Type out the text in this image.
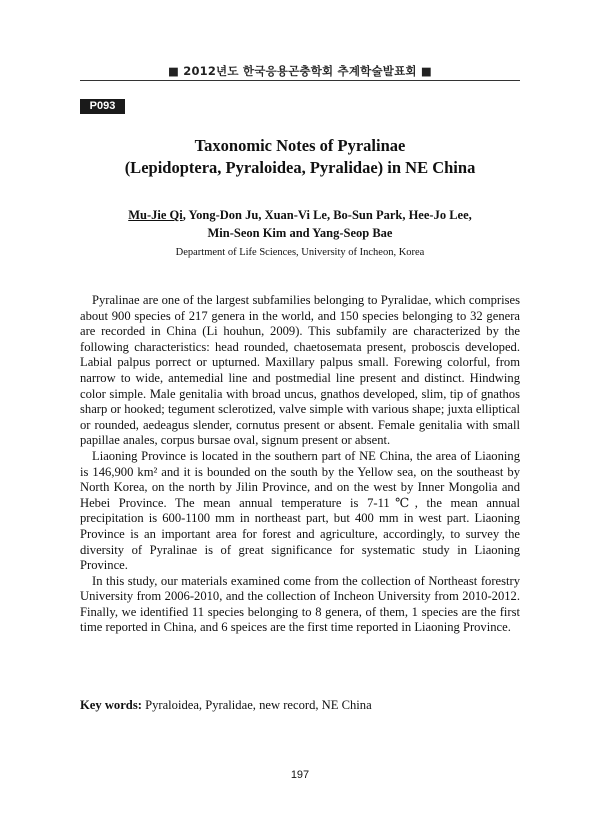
■ 2012년도 한국응용곤충학회 추계학술발표회 ■
P093
Taxonomic Notes of Pyralinae
(Lepidoptera, Pyraloidea, Pyralidae) in NE China
Mu-Jie Qi, Yong-Don Ju, Xuan-Vi Le, Bo-Sun Park, Hee-Jo Lee,
Min-Seon Kim and Yang-Seop Bae
Department of Life Sciences, University of Incheon, Korea

Pyralinae are one of the largest subfamilies belonging to Pyralidae, which comprises about 900 species of 217 genera in the world, and 150 species belonging to 32 genera are recorded in China (Li houhun, 2009). This subfamily are characterized by the following characteristics: head rounded, chaetosemata present, proboscis developed. Labial palpus porrect or upturned. Maxillary palpus small. Forewing colorful, from narrow to wide, antemedial line and postmedial line present and distinct. Hindwing color simple. Male genitalia with broad uncus, gnathos developed, slim, tip of gnathos sharp or hooked; tegument sclerotized, valve simple with various shape; juxta elliptical or rounded, aedeagus slender, cornutus present or absent. Female genitalia with small papillae anales, corpus bursae oval, signum present or absent.

Liaoning Province is located in the southern part of NE China, the area of Liaoning is 146,900 km² and it is bounded on the south by the Yellow sea, on the southeast by North Korea, on the north by Jilin Province, and on the west by Inner Mongolia and Hebei Province. The mean annual temperature is 7-11℃, the mean annual precipitation is 600-1100 mm in northeast part, but 400 mm in west part. Liaoning Province is an important area for forest and agriculture, accordingly, to survey the diversity of Pyralinae is of great significance for systematic study in Liaoning Province.

In this study, our materials examined come from the collection of Northeast forestry University from 2006-2010, and the collection of Incheon University from 2010-2012. Finally, we identified 11 species belonging to 8 genera, of them, 1 species are the first time reported in China, and 6 speices are the first time reported in Liaoning Province.

Key words: Pyraloidea, Pyralidae, new record, NE China
197
